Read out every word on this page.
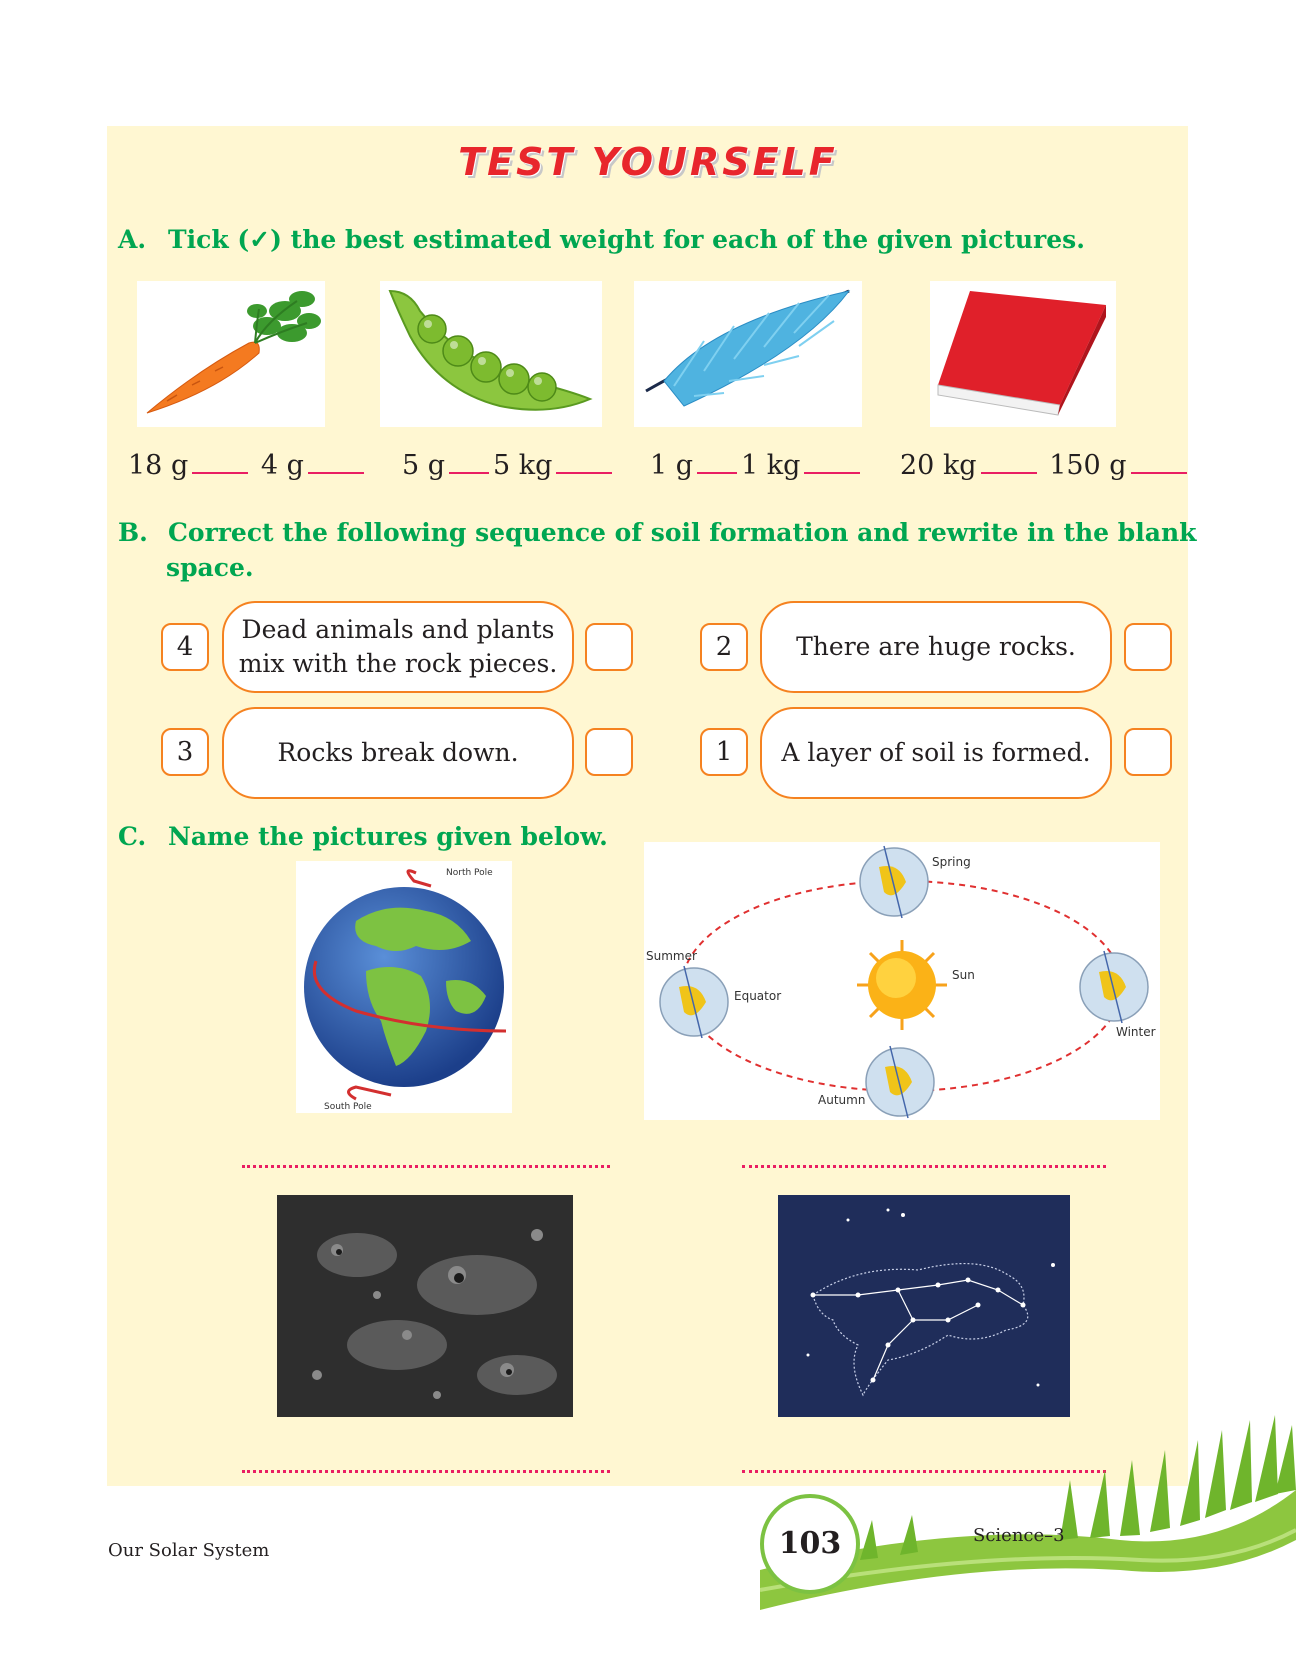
TEST YOURSELF
A. Tick (✓) the best estimated weight for each of the given pictures.
18 g	4 g	5 g 5 kg	1 g 1 kg	20 kg	150 g
B. Correct the following sequence of soil formation and rewrite in the blank
space.
4
Dead animals and plants
mix with the rock pieces.
2	There are huge rocks.
3	Rocks break down.	1	A layer of soil is formed.
C. Name the pictures given below.
North Pole
South Pole
Spring
Summer
Equator
Sun
Winter
Autumn
Our Solar System	103	Science–3
